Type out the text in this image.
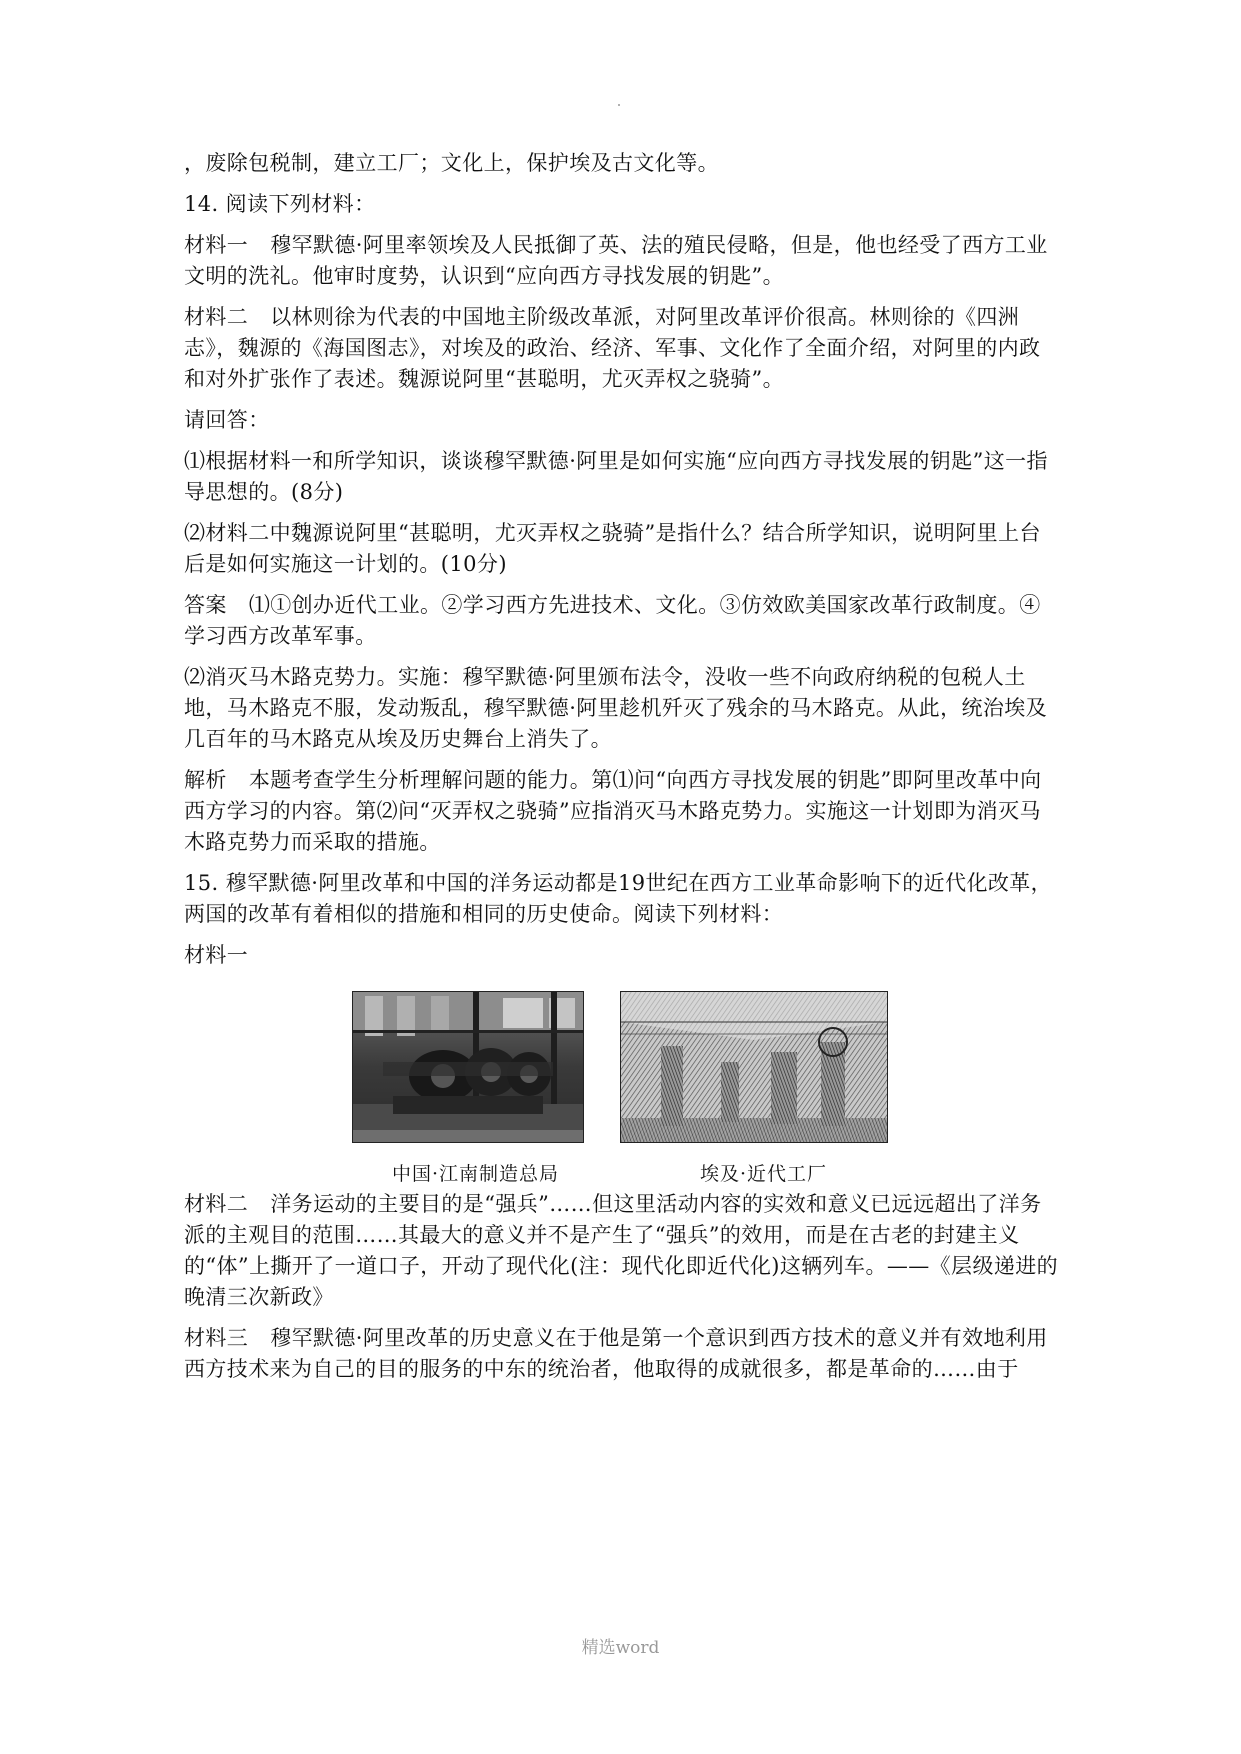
，废除包税制，建立工厂；文化上，保护埃及古文化等。

14. 阅读下列材料：

材料一 穆罕默德·阿里率领埃及人民抵御了英、法的殖民侵略，但是，他也经受了西方工业文明的洗礼。他审时度势，认识到“应向西方寻找发展的钥匙”。

材料二 以林则徐为代表的中国地主阶级改革派，对阿里改革评价很高。林则徐的《四洲志》，魏源的《海国图志》，对埃及的政治、经济、军事、文化作了全面介绍，对阿里的内政和对外扩张作了表述。魏源说阿里“甚聪明，尤灭弄权之骁骑”。

请回答：

⑴根据材料一和所学知识，谈谈穆罕默德·阿里是如何实施“应向西方寻找发展的钥匙”这一指导思想的。(8分)

⑵材料二中魏源说阿里“甚聪明，尤灭弄权之骁骑”是指什么？结合所学知识，说明阿里上台后是如何实施这一计划的。(10分)

答案 ⑴①创办近代工业。②学习西方先进技术、文化。③仿效欧美国家改革行政制度。④学习西方改革军事。

⑵消灭马木路克势力。实施：穆罕默德·阿里颁布法令，没收一些不向政府纳税的包税人土地，马木路克不服，发动叛乱，穆罕默德·阿里趁机歼灭了残余的马木路克。从此，统治埃及几百年的马木路克从埃及历史舞台上消失了。

解析 本题考查学生分析理解问题的能力。第⑴问“向西方寻找发展的钥匙”即阿里改革中向西方学习的内容。第⑵问“灭弄权之骁骑”应指消灭马木路克势力。实施这一计划即为消灭马木路克势力而采取的措施。

15. 穆罕默德·阿里改革和中国的洋务运动都是19世纪在西方工业革命影响下的近代化改革，两国的改革有着相似的措施和相同的历史使命。阅读下列材料：

材料一

中国·江南制造总局	埃及·近代工厂

材料二 洋务运动的主要目的是“强兵”……但这里活动内容的实效和意义已远远超出了洋务派的主观目的范围……其最大的意义并不是产生了“强兵”的效用，而是在古老的封建主义的“体”上撕开了一道口子，开动了现代化(注：现代化即近代化)这辆列车。——《层级递进的晚清三次新政》

材料三 穆罕默德·阿里改革的历史意义在于他是第一个意识到西方技术的意义并有效地利用西方技术来为自己的目的服务的中东的统治者，他取得的成就很多，都是革命的……由于

精选word
